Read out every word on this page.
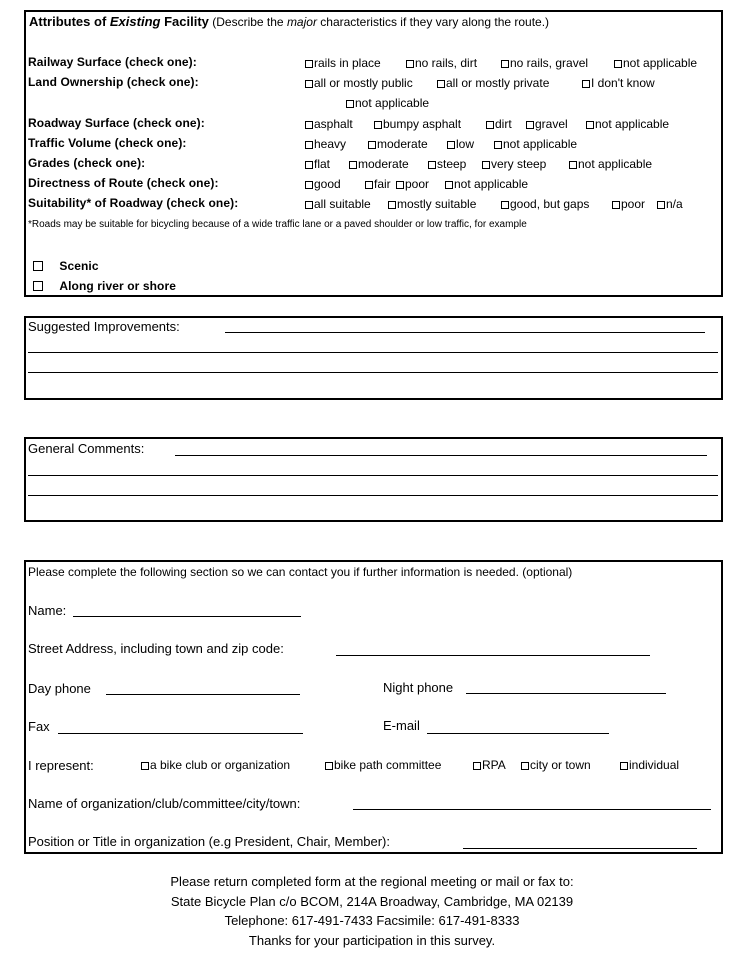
Attributes of Existing Facility (Describe the major characteristics if they vary along the route.)
Railway Surface (check one):	rails in place	no rails, dirt	no rails, gravel	not applicable
Land Ownership (check one):	all or mostly public	all or mostly private	I don't know
not applicable
Roadway Surface (check one):	asphalt	bumpy asphalt	dirt	gravel	not applicable
Traffic Volume (check one):	heavy	moderate	low	not applicable
Grades (check one):	flat	moderate	steep	very steep	not applicable
Directness of Route (check one):	good	fair	poor	not applicable
Suitability* of Roadway (check one):	all suitable	mostly suitable	good, but gaps	poor	n/a
*Roads may be suitable for bicycling because of a wide traffic lane or a paved shoulder or low traffic, for example
Scenic
Along river or shore
Suggested Improvements:
General Comments:
Please complete the following section so we can contact you if further information is needed. (optional)
Name:
Street Address, including town and zip code:
Day phone	Night phone
Fax	E-mail
I represent:	a bike club or organization	bike path committee	RPA	city or town	individual
Name of organization/club/committee/city/town:
Position or Title in organization (e.g President, Chair, Member):
Please return completed form at the regional meeting or mail or fax to:
State Bicycle Plan c/o BCOM, 214A Broadway, Cambridge, MA 02139
Telephone: 617-491-7433 Facsimile: 617-491-8333
Thanks for your participation in this survey.
